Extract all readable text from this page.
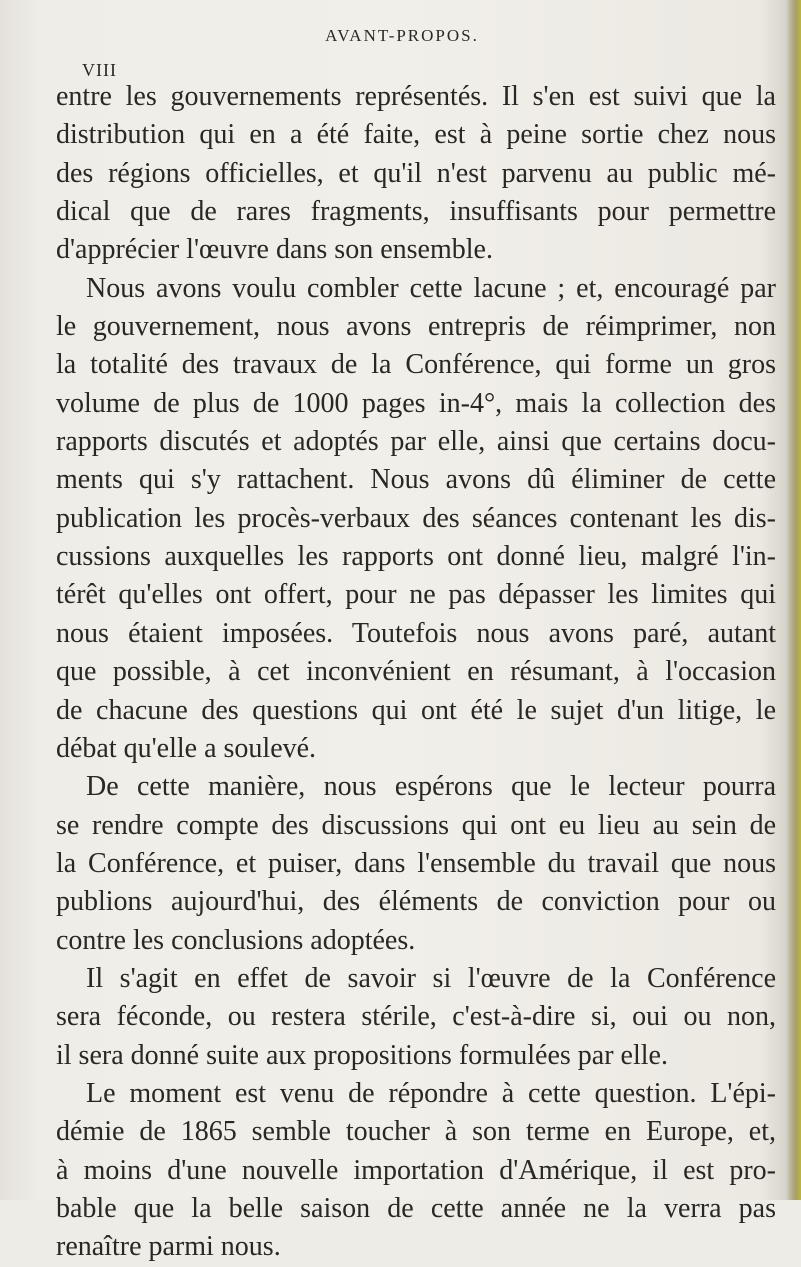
VIII
AVANT-PROPOS.
entre les gouvernements représentés. Il s'en est suivi que la
distribution qui en a été faite, est à peine sortie chez nous
des régions officielles, et qu'il n'est parvenu au public mé-
dical que de rares fragments, insuffisants pour permettre
d'apprécier l'œuvre dans son ensemble.
Nous avons voulu combler cette lacune ; et, encouragé par
le gouvernement, nous avons entrepris de réimprimer, non
la totalité des travaux de la Conférence, qui forme un gros
volume de plus de 1000 pages in-4°, mais la collection des
rapports discutés et adoptés par elle, ainsi que certains docu-
ments qui s'y rattachent. Nous avons dû éliminer de cette
publication les procès-verbaux des séances contenant les dis-
cussions auxquelles les rapports ont donné lieu, malgré l'in-
térêt qu'elles ont offert, pour ne pas dépasser les limites qui
nous étaient imposées. Toutefois nous avons paré, autant
que possible, à cet inconvénient en résumant, à l'occasion
de chacune des questions qui ont été le sujet d'un litige, le
débat qu'elle a soulevé.
De cette manière, nous espérons que le lecteur pourra
se rendre compte des discussions qui ont eu lieu au sein de
la Conférence, et puiser, dans l'ensemble du travail que nous
publions aujourd'hui, des éléments de conviction pour ou
contre les conclusions adoptées.
Il s'agit en effet de savoir si l'œuvre de la Conférence
sera féconde, ou restera stérile, c'est-à-dire si, oui ou non,
il sera donné suite aux propositions formulées par elle.
Le moment est venu de répondre à cette question. L'épi-
démie de 1865 semble toucher à son terme en Europe, et,
à moins d'une nouvelle importation d'Amérique, il est pro-
bable que la belle saison de cette année ne la verra pas
renaître parmi nous.
